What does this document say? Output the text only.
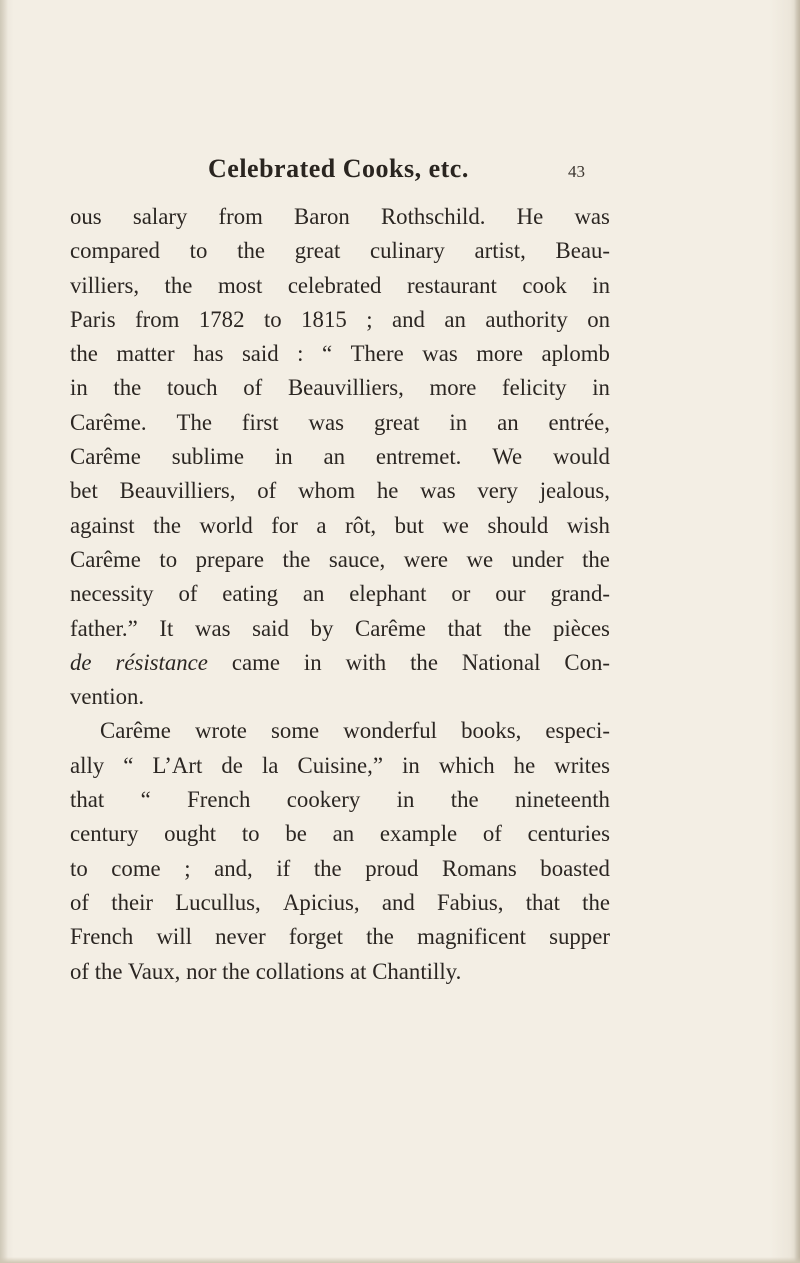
Celebrated Cooks, etc.	43
ous salary from Baron Rothschild. He was
compared to the great culinary artist, Beau-
villiers, the most celebrated restaurant cook in
Paris from 1782 to 1815 ; and an authority on
the matter has said : “ There was more aplomb
in the touch of Beauvilliers, more felicity in
Carême. The first was great in an entrée,
Carême sublime in an entremet. We would
bet Beauvilliers, of whom he was very jealous,
against the world for a rôt, but we should wish
Carême to prepare the sauce, were we under the
necessity of eating an elephant or our grand-
father.” It was said by Carême that the pièces
de résistance came in with the National Con-
vention.
Carême wrote some wonderful books, especi-
ally “ L’Art de la Cuisine,” in which he writes
that “ French cookery in the nineteenth
century ought to be an example of centuries
to come ; and, if the proud Romans boasted
of their Lucullus, Apicius, and Fabius, that the
French will never forget the magnificent supper
of the Vaux, nor the collations at Chantilly.
